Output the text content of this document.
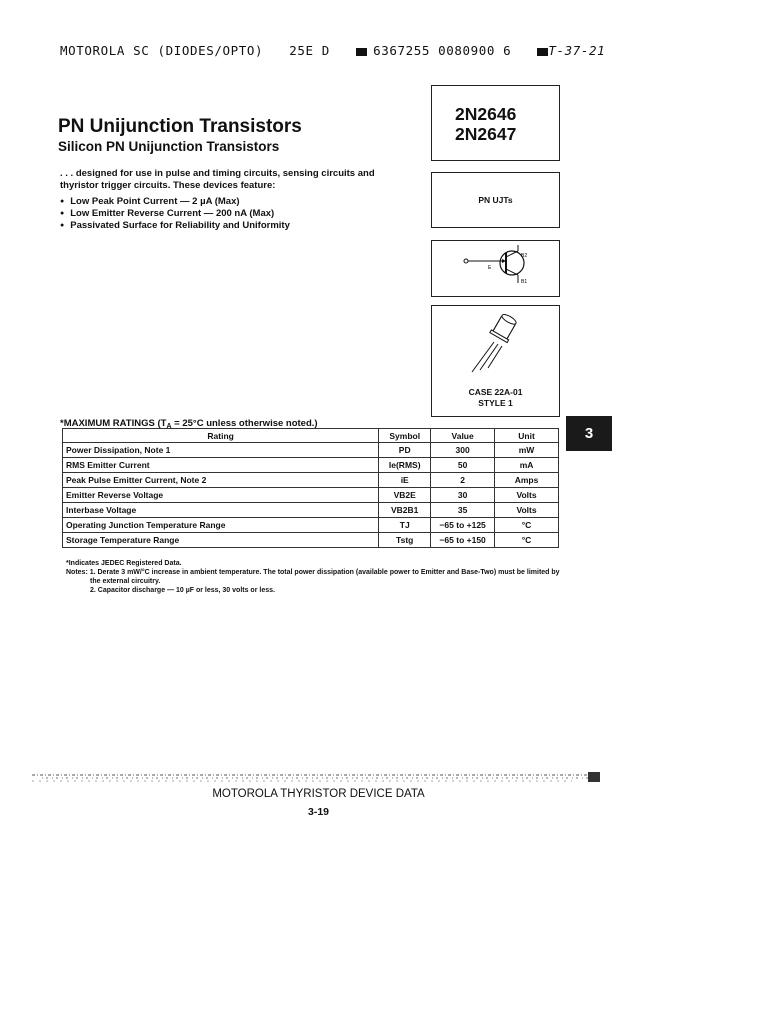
MOTOROLA SC (DIODES/OPTO) 25E D	6367255 0080900 6	T-37-21
PN Unijunction Transistors
Silicon PN Unijunction Transistors
. . . designed for use in pulse and timing circuits, sensing circuits and thyristor trigger circuits. These devices feature:
● Low Peak Point Current — 2 µA (Max)
● Low Emitter Reverse Current — 200 nA (Max)
● Passivated Surface for Reliability and Uniformity
2N2646
2N2647
PN UJTs
E
B2
B1
CASE 22A-01
STYLE 1
3
*MAXIMUM RATINGS ($T_A = 25^\circ C$ unless otherwise noted.)
Rating	Symbol	Value	Unit
Power Dissipation, Note 1	PD	300	mW
RMS Emitter Current	Ie(RMS)	50	mA
Peak Pulse Emitter Current, Note 2	iE	2	Amps
Emitter Reverse Voltage	VB2E	30	Volts
Interbase Voltage	VB2B1	35	Volts
Operating Junction Temperature Range	TJ	−65 to +125	°C
Storage Temperature Range	Tstg	−65 to +150	°C
*Indicates JEDEC Registered Data.
Notes: 1. Derate 3 mW/°C increase in ambient temperature. The total power dissipation (available power to Emitter and Base-Two) must be limited by
the external circuitry.
2. Capacitor discharge — 10 µF or less, 30 volts or less.
MOTOROLA THYRISTOR DEVICE DATA
3-19
